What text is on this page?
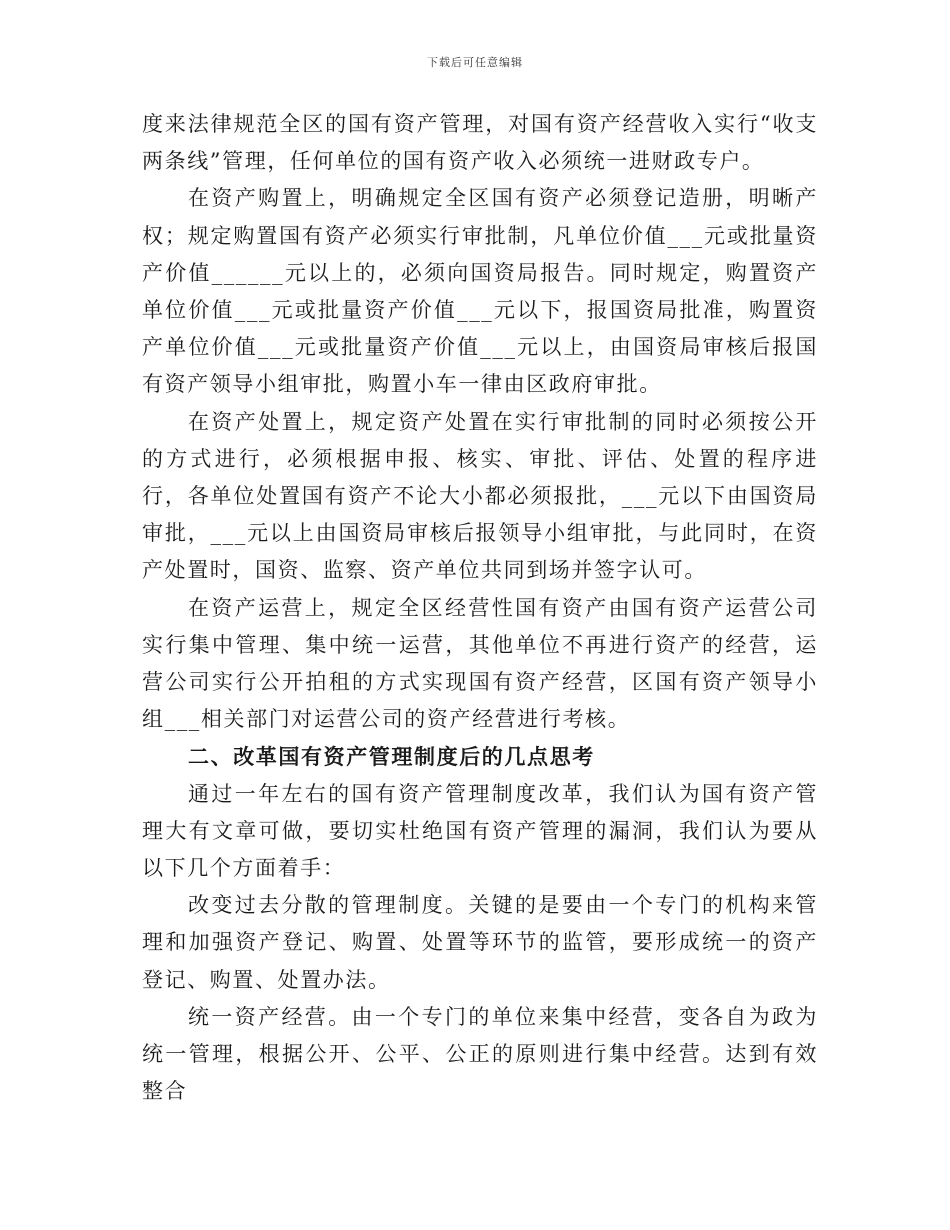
下载后可任意编辑

度来法律规范全区的国有资产管理，对国有资产经营收入实行“收支两条线”管理，任何单位的国有资产收入必须统一进财政专户。

在资产购置上，明确规定全区国有资产必须登记造册，明晰产权；规定购置国有资产必须实行审批制，凡单位价值___元或批量资产价值______元以上的，必须向国资局报告。同时规定，购置资产单位价值___元或批量资产价值___元以下，报国资局批准，购置资产单位价值___元或批量资产价值___元以上，由国资局审核后报国有资产领导小组审批，购置小车一律由区政府审批。

在资产处置上，规定资产处置在实行审批制的同时必须按公开的方式进行，必须根据申报、核实、审批、评估、处置的程序进行，各单位处置国有资产不论大小都必须报批，___元以下由国资局审批，___元以上由国资局审核后报领导小组审批，与此同时，在资产处置时，国资、监察、资产单位共同到场并签字认可。

在资产运营上，规定全区经营性国有资产由国有资产运营公司实行集中管理、集中统一运营，其他单位不再进行资产的经营，运营公司实行公开拍租的方式实现国有资产经营，区国有资产领导小组___相关部门对运营公司的资产经营进行考核。

二、改革国有资产管理制度后的几点思考

通过一年左右的国有资产管理制度改革，我们认为国有资产管理大有文章可做，要切实杜绝国有资产管理的漏洞，我们认为要从以下几个方面着手：

改变过去分散的管理制度。关键的是要由一个专门的机构来管理和加强资产登记、购置、处置等环节的监管，要形成统一的资产登记、购置、处置办法。

统一资产经营。由一个专门的单位来集中经营，变各自为政为统一管理，根据公开、公平、公正的原则进行集中经营。达到有效整合
